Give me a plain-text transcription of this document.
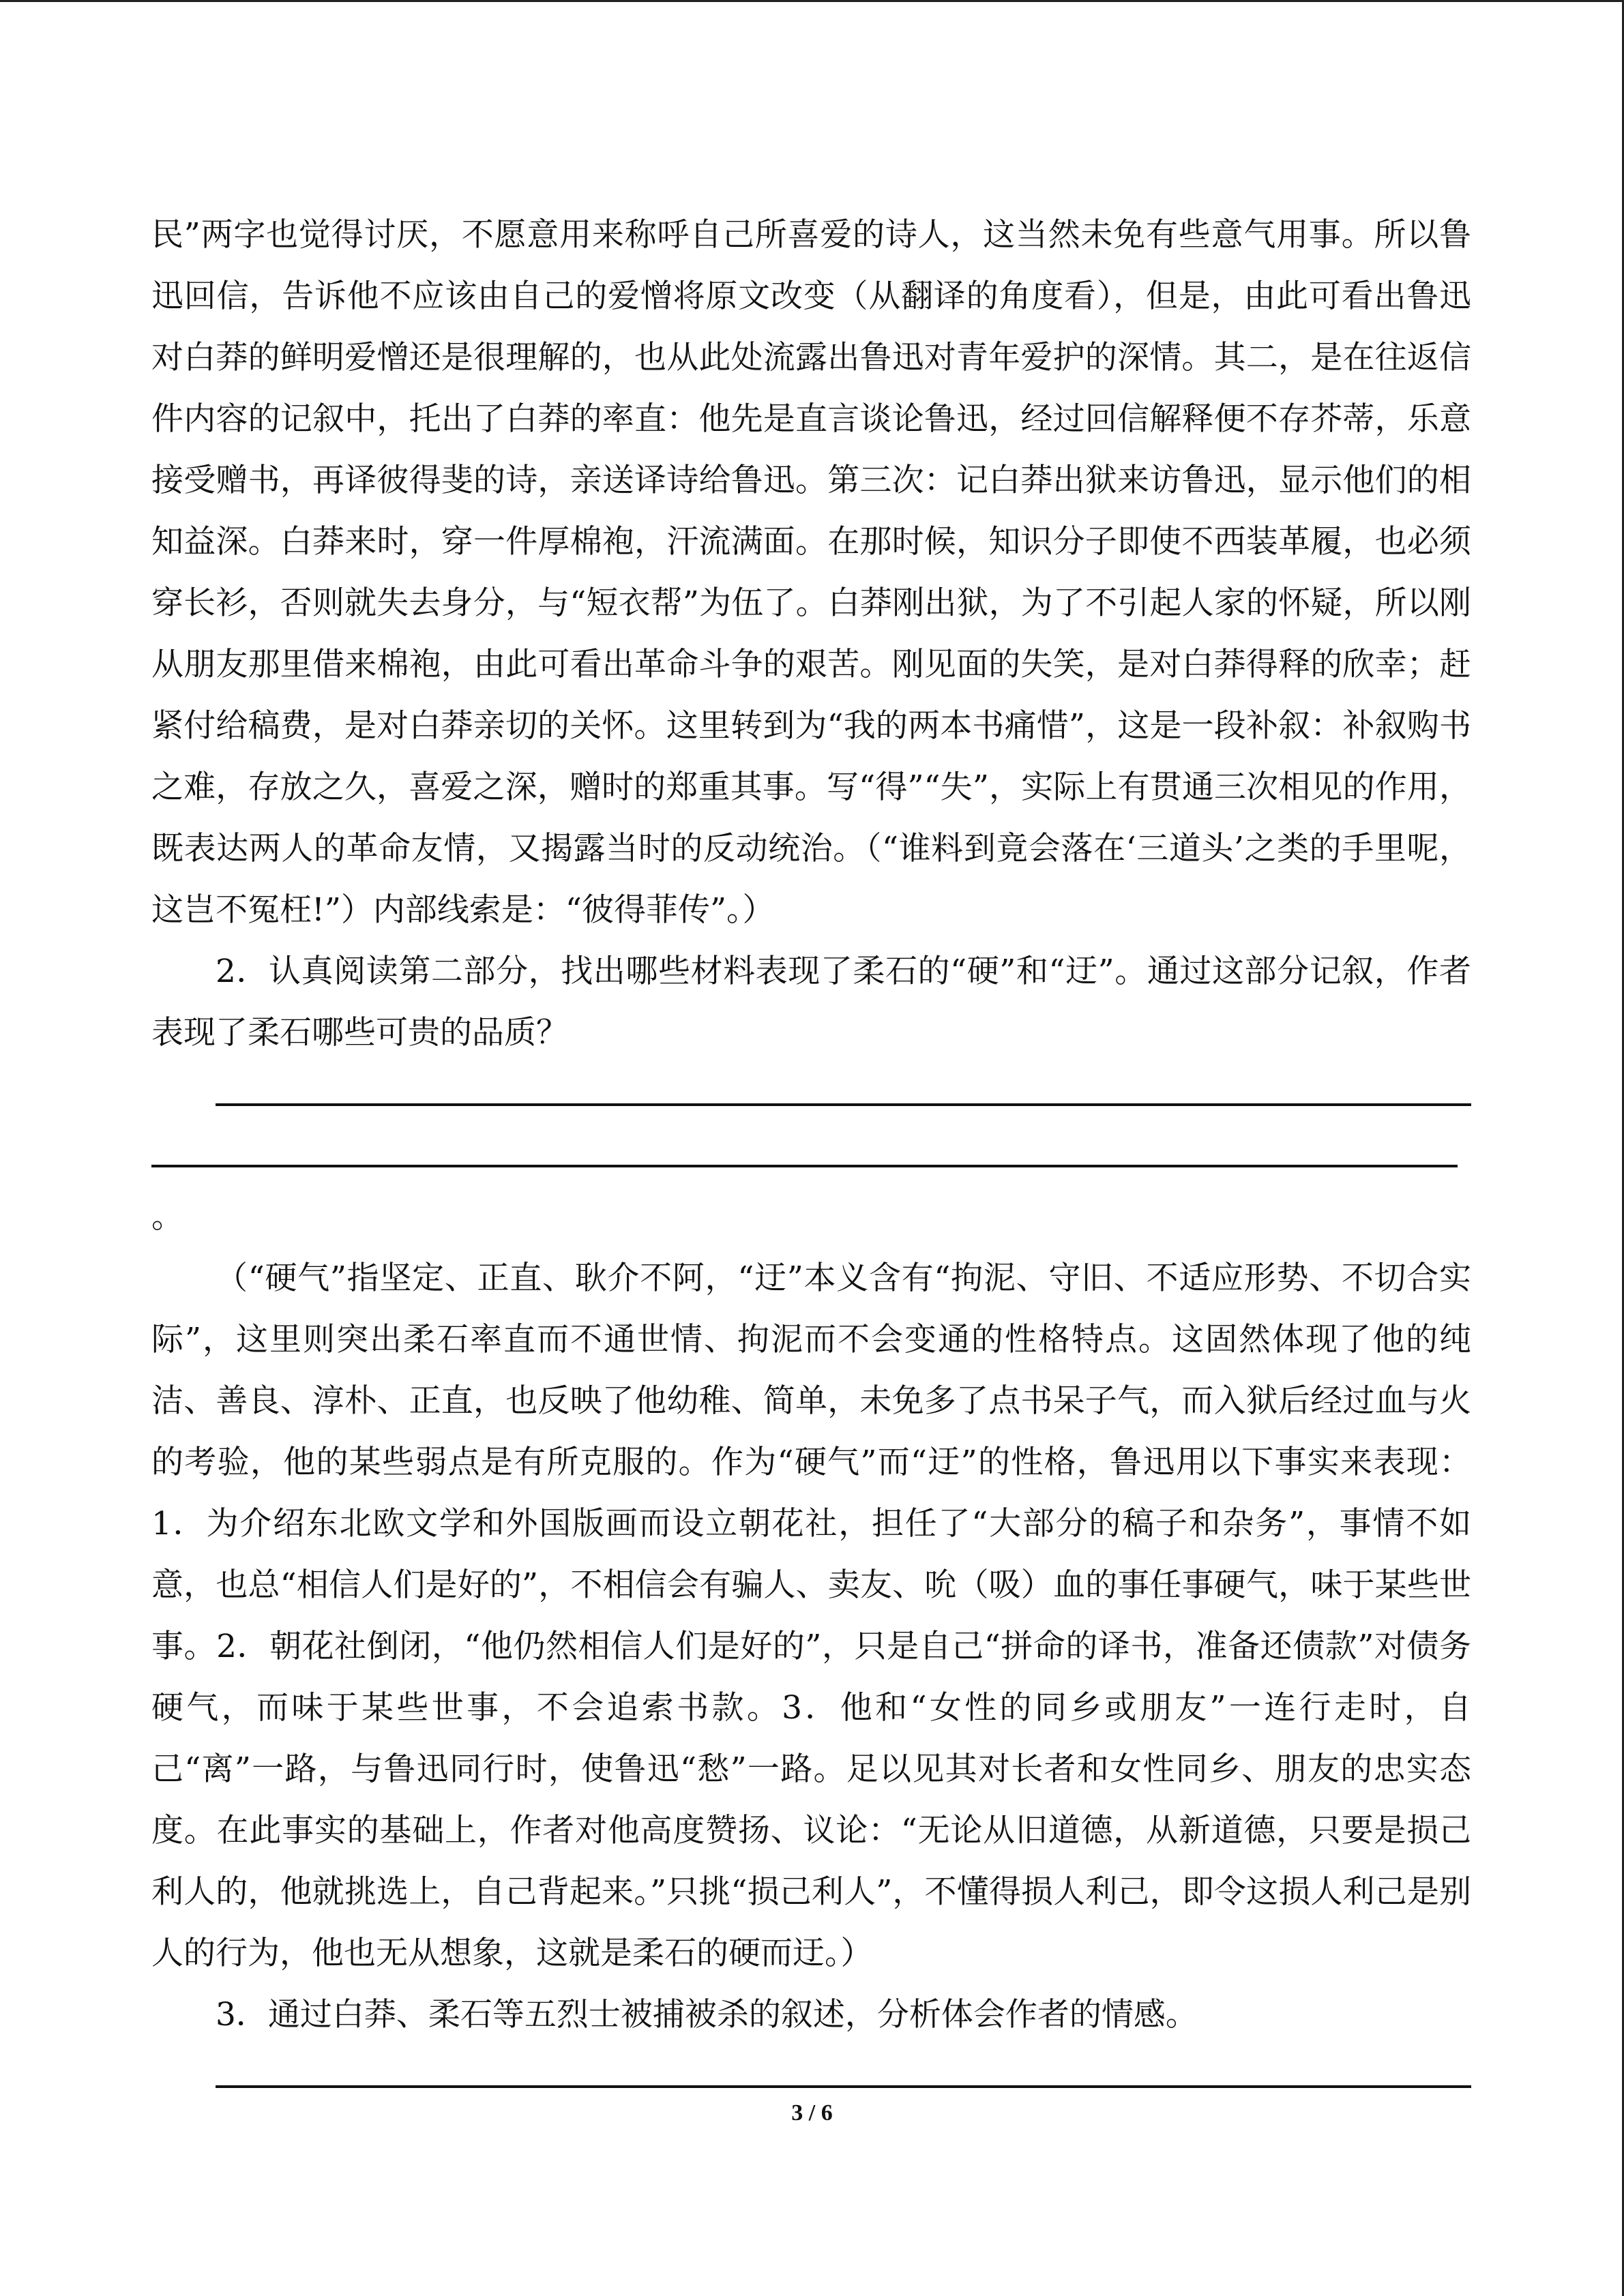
民”两字也觉得讨厌，不愿意用来称呼自己所喜爱的诗人，这当然未免有些意气用事。所以鲁迅回信，告诉他不应该由自己的爱憎将原文改变（从翻译的角度看），但是，由此可看出鲁迅对白莽的鲜明爱憎还是很理解的，也从此处流露出鲁迅对青年爱护的深情。其二，是在往返信件内容的记叙中，托出了白莽的率直：他先是直言谈论鲁迅，经过回信解释便不存芥蒂，乐意接受赠书，再译彼得斐的诗，亲送译诗给鲁迅。第三次：记白莽出狱来访鲁迅，显示他们的相知益深。白莽来时，穿一件厚棉袍，汗流满面。在那时候，知识分子即使不西装革履，也必须穿长衫，否则就失去身分，与“短衣帮”为伍了。白莽刚出狱，为了不引起人家的怀疑，所以刚从朋友那里借来棉袍，由此可看出革命斗争的艰苦。刚见面的失笑，是对白莽得释的欣幸；赶紧付给稿费，是对白莽亲切的关怀。这里转到为“我的两本书痛惜”，这是一段补叙：补叙购书之难，存放之久，喜爱之深，赠时的郑重其事。写“得”“失”，实际上有贯通三次相见的作用，既表达两人的革命友情，又揭露当时的反动统治。（“谁料到竟会落在‘三道头’之类的手里呢，这岂不冤枉!”）内部线索是：“彼得菲传”。）

2．认真阅读第二部分，找出哪些材料表现了柔石的“硬”和“迂”。通过这部分记叙，作者表现了柔石哪些可贵的品质？

。

（“硬气”指坚定、正直、耿介不阿，“迂”本义含有“拘泥、守旧、不适应形势、不切合实际”，这里则突出柔石率直而不通世情、拘泥而不会变通的性格特点。这固然体现了他的纯洁、善良、淳朴、正直，也反映了他幼稚、简单，未免多了点书呆子气，而入狱后经过血与火的考验，他的某些弱点是有所克服的。作为“硬气”而“迂”的性格，鲁迅用以下事实来表现：1．为介绍东北欧文学和外国版画而设立朝花社，担任了“大部分的稿子和杂务”，事情不如意，也总“相信人们是好的”，不相信会有骗人、卖友、吮（吸）血的事任事硬气，味于某些世事。2．朝花社倒闭，“他仍然相信人们是好的”，只是自己“拼命的译书，准备还债款”对债务硬气，而味于某些世事，不会追索书款。3．他和“女性的同乡或朋友”一连行走时，自己“离”一路，与鲁迅同行时，使鲁迅“愁”一路。足以见其对长者和女性同乡、朋友的忠实态度。在此事实的基础上，作者对他高度赞扬、议论：“无论从旧道德，从新道德，只要是损己利人的，他就挑选上，自己背起来。”只挑“损己利人”，不懂得损人利己，即令这损人利己是别人的行为，他也无从想象，这就是柔石的硬而迂。）

3．通过白莽、柔石等五烈士被捕被杀的叙述，分析体会作者的情感。

3 / 6
